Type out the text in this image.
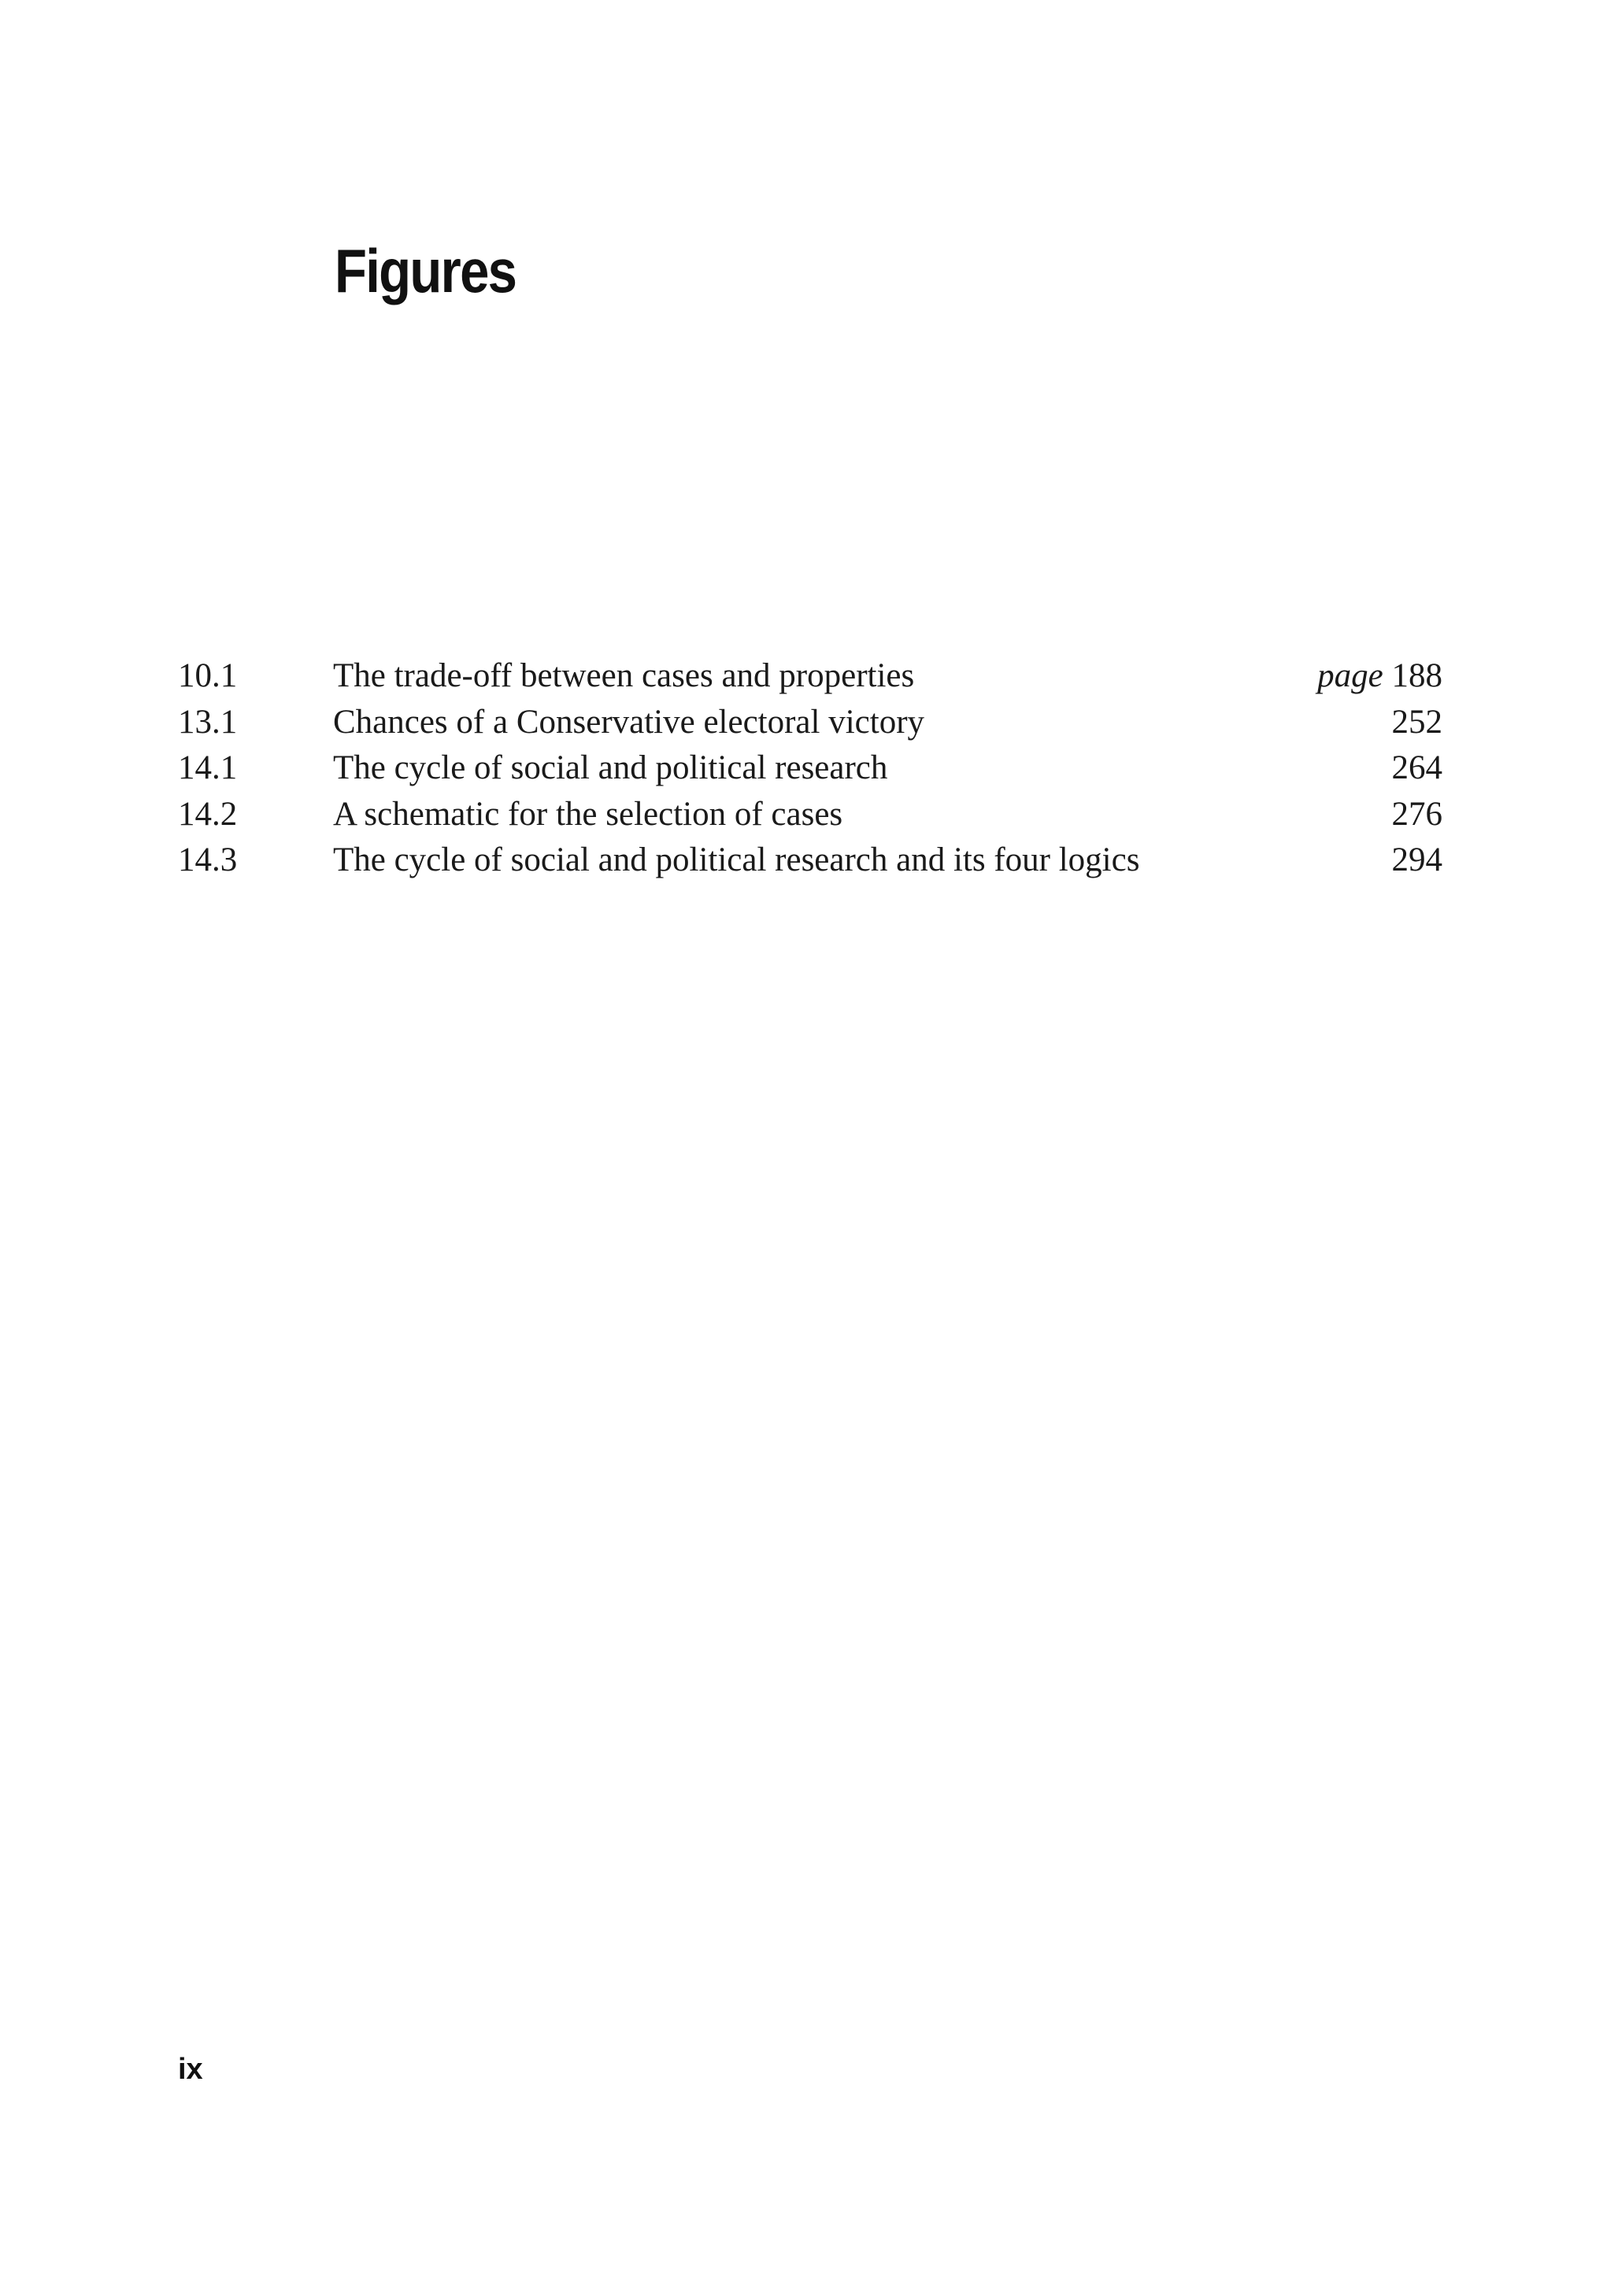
Figures
10.1	The trade-off between cases and properties	page 188
13.1	Chances of a Conservative electoral victory	252
14.1	The cycle of social and political research	264
14.2	A schematic for the selection of cases	276
14.3	The cycle of social and political research and its four logics	294

ix
